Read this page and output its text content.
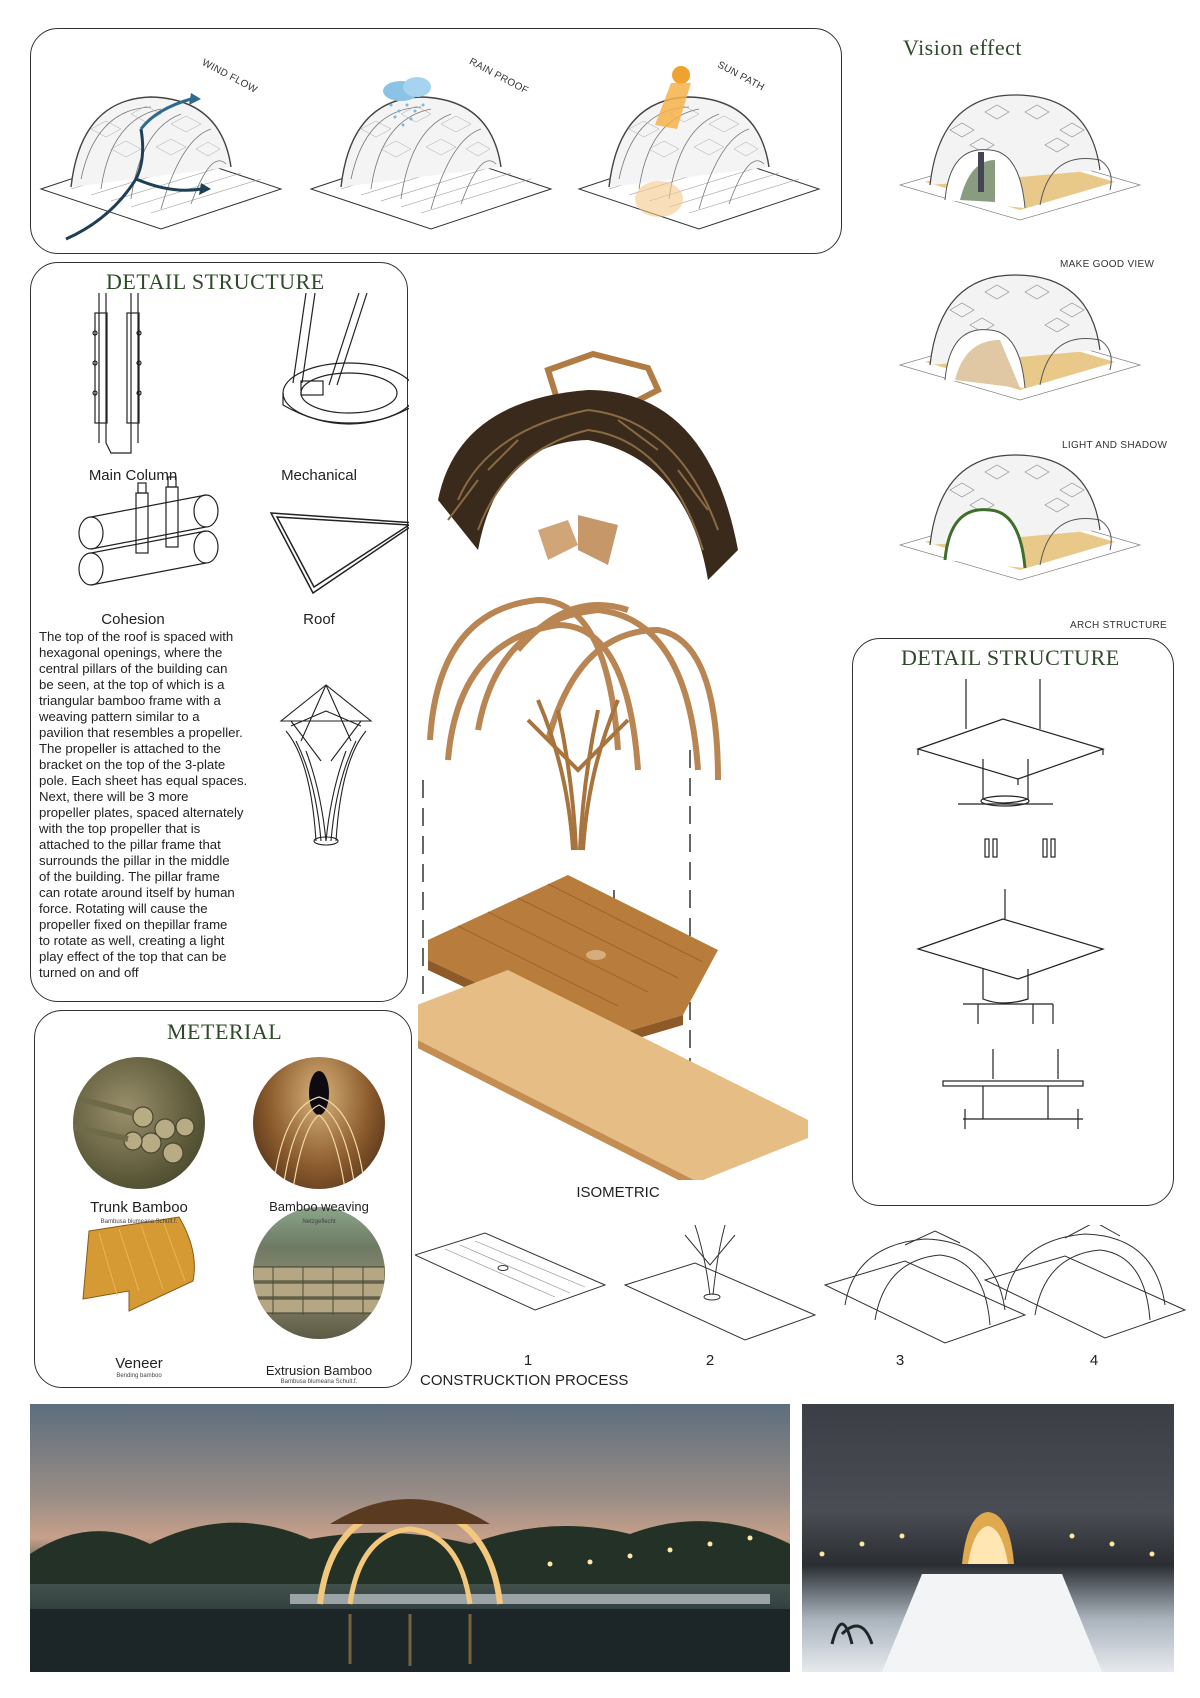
WIND FLOW	RAIN PROOF	SUN PATH
Vision effect
MAKE GOOD VIEW
LIGHT AND SHADOW
ARCH STRUCTURE
DETAIL STRUCTURE
Main Column	Mechanical
Cohesion	Roof
The top of the roof is spaced with
hexagonal openings, where the
central pillars of the building can
be seen, at the top of which is a
triangular bamboo frame with a
weaving pattern similar to a
pavilion that resembles a propeller.
The propeller is attached to the
bracket on the top of the 3-plate
pole. Each sheet has equal spaces.
Next, there will be 3 more
propeller plates, spaced alternately
with the top propeller that is
attached to the pillar frame that
surrounds the pillar in the middle
of the building. The pillar frame
can rotate around itself by human
force. Rotating will cause the
propeller fixed on thepillar frame
to rotate as well, creating a light
play effect of the top that can be
turned on and off
METERIAL
Trunk Bamboo
Bambusa blumeana Schult.f.
Bamboo weaving
Netzgeflecht
Veneer
Bending bamboo	Extrusion Bamboo
Bambusa blumeana Schult.f.
ISOMETRIC
DETAIL STRUCTURE
1	2	3	4
CONSTRUCKTION PROCESS
